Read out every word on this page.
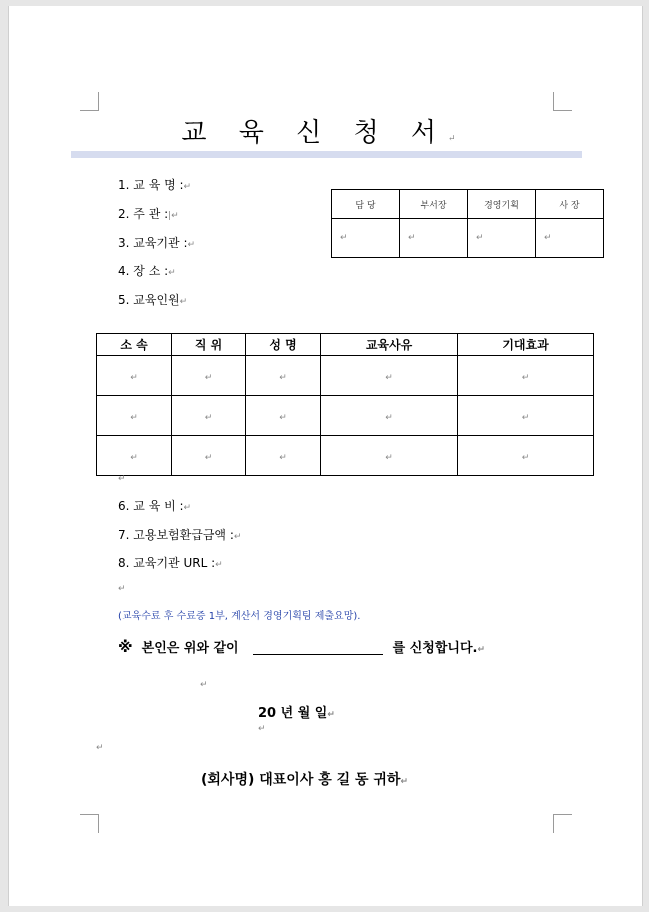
교 육 신 청 서↵
1. 교 육 명 :↵
2. 주 관 :|↵
3. 교육기관 :↵
4. 장 소 :↵
5. 교육인원↵
담 당	부서장	경영기획	사 장
↵	↵	↵	↵
소 속	직 위	성 명	교육사유	기대효과
↵	↵	↵	↵	↵
↵	↵	↵	↵	↵
↵	↵	↵	↵	↵
↵
6. 교 육 비 :↵
7. 고용보험환급금액 :↵
8. 교육기관 URL :↵
↵
(교육수료 후 수료증 1부, 계산서 경영기획팀 제출요망).
※ 본인은 위와 같이	를 신청합니다.↵
↵
20 년 월 일↵
↵
↵
(회사명) 대표이사 홍 길 동 귀하↵
